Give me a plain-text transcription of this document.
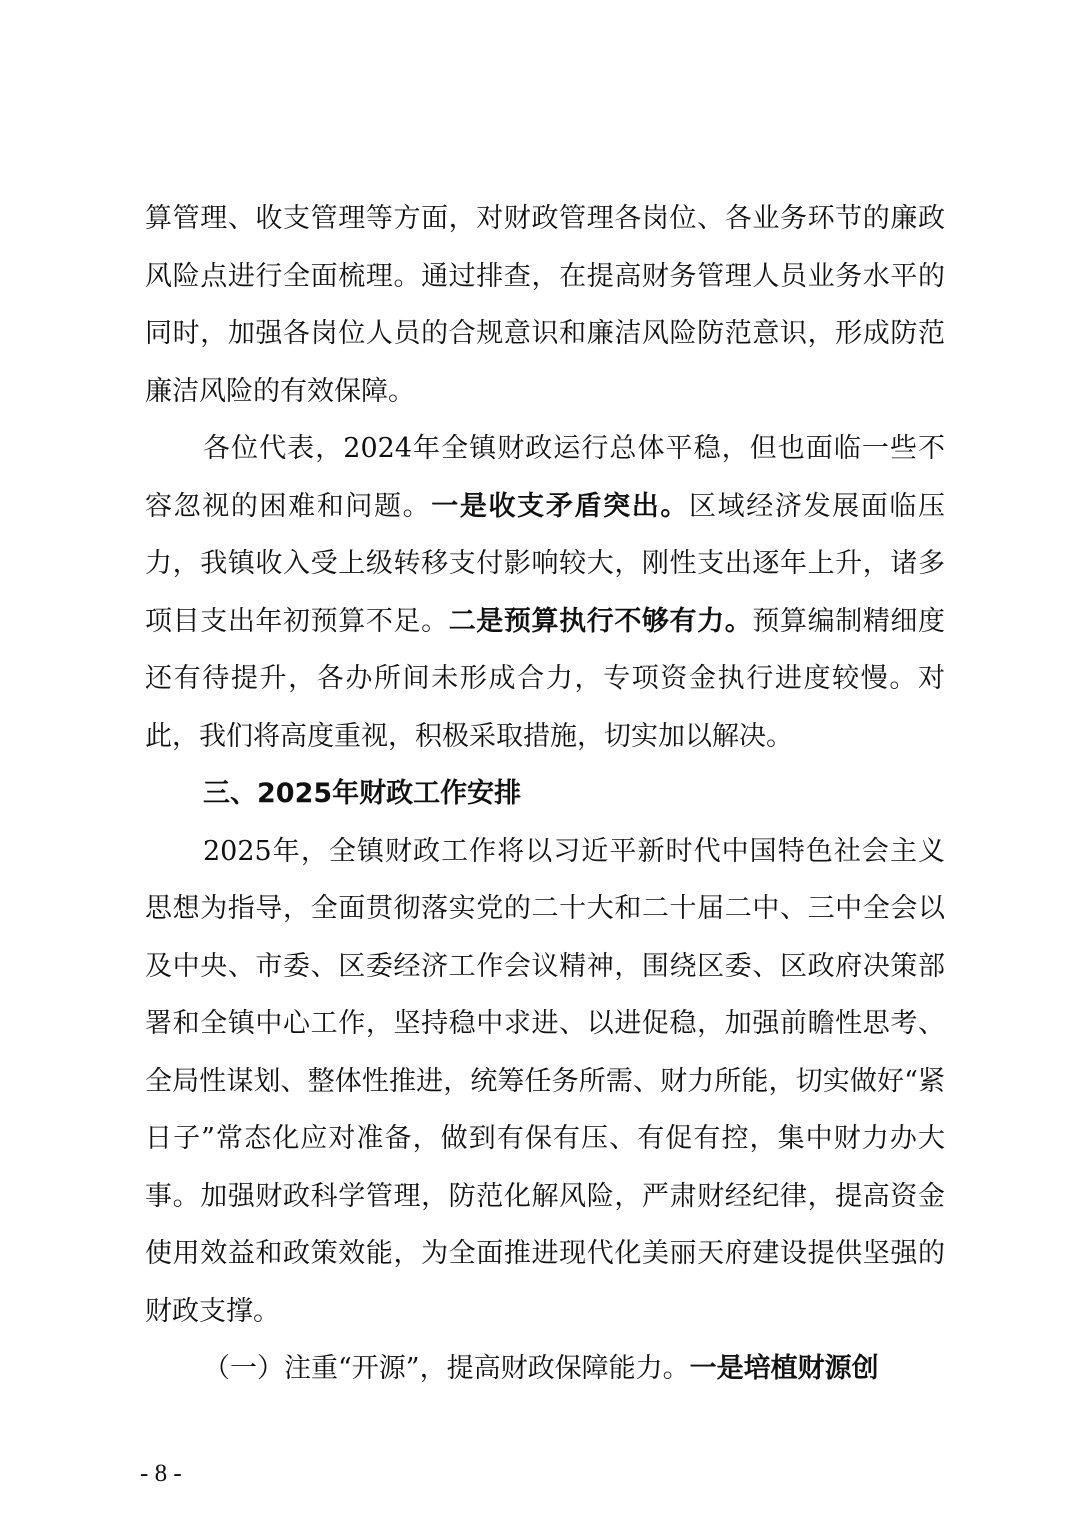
算管理、收支管理等方面，对财政管理各岗位、各业务环节的廉政风险点进行全面梳理。通过排查，在提高财务管理人员业务水平的同时，加强各岗位人员的合规意识和廉洁风险防范意识，形成防范廉洁风险的有效保障。

各位代表，2024年全镇财政运行总体平稳，但也面临一些不容忽视的困难和问题。一是收支矛盾突出。区域经济发展面临压力，我镇收入受上级转移支付影响较大，刚性支出逐年上升，诸多项目支出年初预算不足。二是预算执行不够有力。预算编制精细度还有待提升，各办所间未形成合力，专项资金执行进度较慢。对此，我们将高度重视，积极采取措施，切实加以解决。

三、2025年财政工作安排

2025年，全镇财政工作将以习近平新时代中国特色社会主义思想为指导，全面贯彻落实党的二十大和二十届二中、三中全会以及中央、市委、区委经济工作会议精神，围绕区委、区政府决策部署和全镇中心工作，坚持稳中求进、以进促稳，加强前瞻性思考、全局性谋划、整体性推进，统筹任务所需、财力所能，切实做好“紧日子”常态化应对准备，做到有保有压、有促有控，集中财力办大事。加强财政科学管理，防范化解风险，严肃财经纪律，提高资金使用效益和政策效能，为全面推进现代化美丽天府建设提供坚强的财政支撑。

（一）注重“开源”，提高财政保障能力。一是培植财源创

- 8 -
